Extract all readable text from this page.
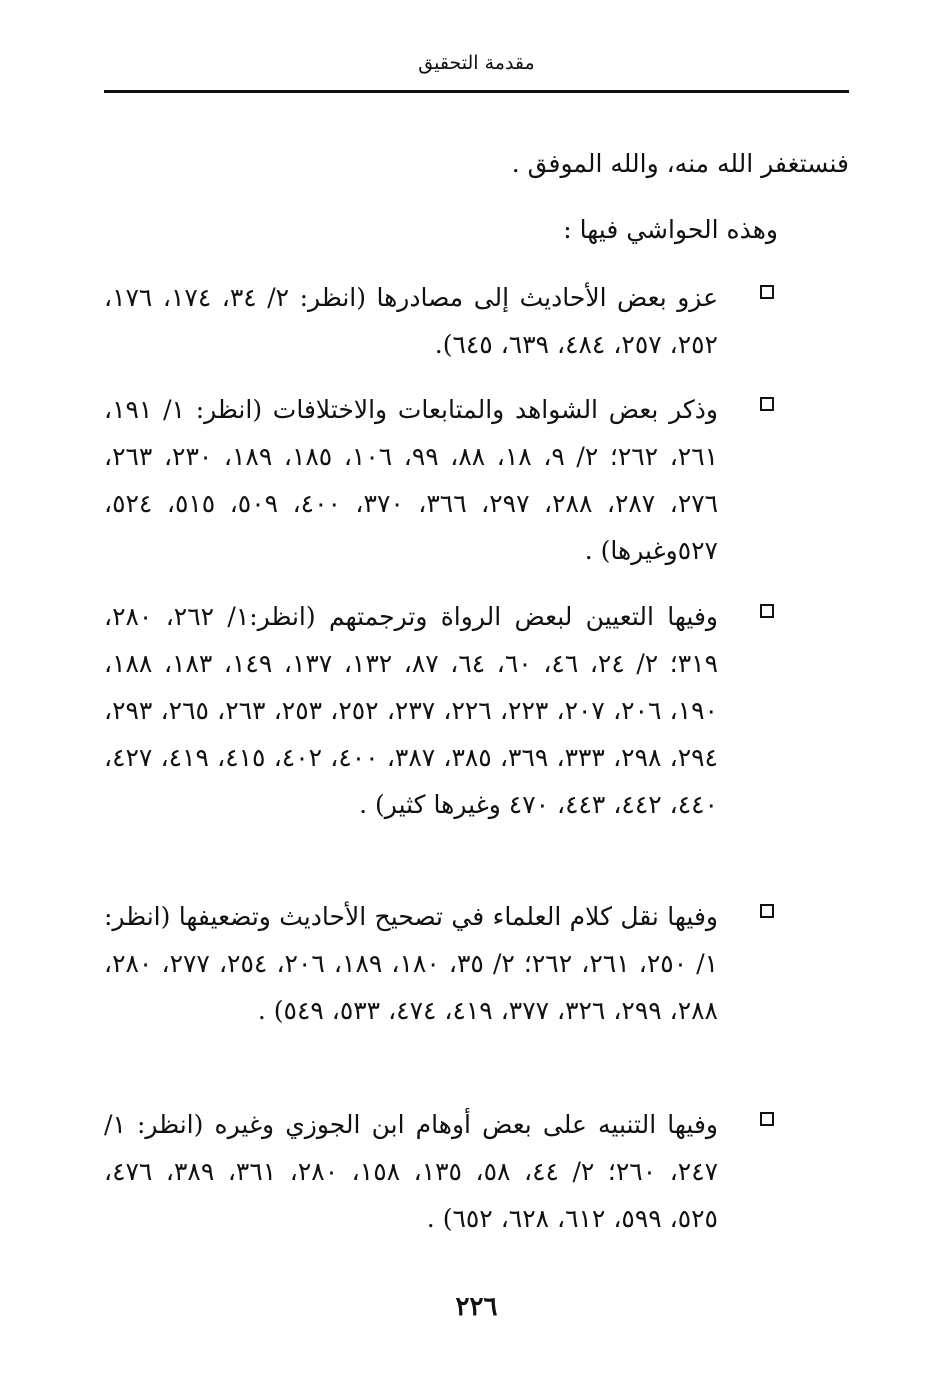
مقدمة التحقيق
فنستغفر الله منه، والله الموفق .
وهذه الحواشي فيها :
عزو بعض الأحاديث إلى مصادرها (انظر: ٢/ ٣٤، ١٧٤، ١٧٦، ٢٥٢، ٢٥٧، ٤٨٤، ٦٣٩، ٦٤٥).
وذكر بعض الشواهد والمتابعات والاختلافات (انظر: ١/ ١٩١، ٢٦١، ٢٦٢؛ ٢/ ٩، ١٨، ٨٨، ٩٩، ١٠٦، ١٨٥، ١٨٩، ٢٣٠، ٢٦٣، ٢٧٦، ٢٨٧، ٢٨٨، ٢٩٧، ٣٦٦، ٣٧٠، ٤٠٠، ٥٠٩، ٥١٥، ٥٢٤، ٥٢٧وغيرها) .
وفيها التعيين لبعض الرواة وترجمتهم (انظر:١/ ٢٦٢، ٢٨٠، ٣١٩؛ ٢/ ٢٤، ٤٦، ٦٠، ٦٤، ٨٧، ١٣٢، ١٣٧، ١٤٩، ١٨٣، ١٨٨، ١٩٠، ٢٠٦، ٢٠٧، ٢٢٣، ٢٢٦، ٢٣٧، ٢٥٢، ٢٥٣، ٢٦٣، ٢٦٥، ٢٩٣، ٢٩٤، ٢٩٨، ٣٣٣، ٣٦٩، ٣٨٥، ٣٨٧، ٤٠٠، ٤٠٢، ٤١٥، ٤١٩، ٤٢٧، ٤٤٠، ٤٤٢، ٤٤٣، ٤٧٠ وغيرها كثير) .
وفيها نقل كلام العلماء في تصحيح الأحاديث وتضعيفها (انظر: ١/ ٢٥٠، ٢٦١، ٢٦٢؛ ٢/ ٣٥، ١٨٠، ١٨٩، ٢٠٦، ٢٥٤، ٢٧٧، ٢٨٠، ٢٨٨، ٢٩٩، ٣٢٦، ٣٧٧، ٤١٩، ٤٧٤، ٥٣٣، ٥٤٩) .
وفيها التنبيه على بعض أوهام ابن الجوزي وغيره (انظر: ١/ ٢٤٧، ٢٦٠؛ ٢/ ٤٤، ٥٨، ١٣٥، ١٥٨، ٢٨٠، ٣٦١، ٣٨٩، ٤٧٦، ٥٢٥، ٥٩٩، ٦١٢، ٦٢٨، ٦٥٢) .
٢٢٦
